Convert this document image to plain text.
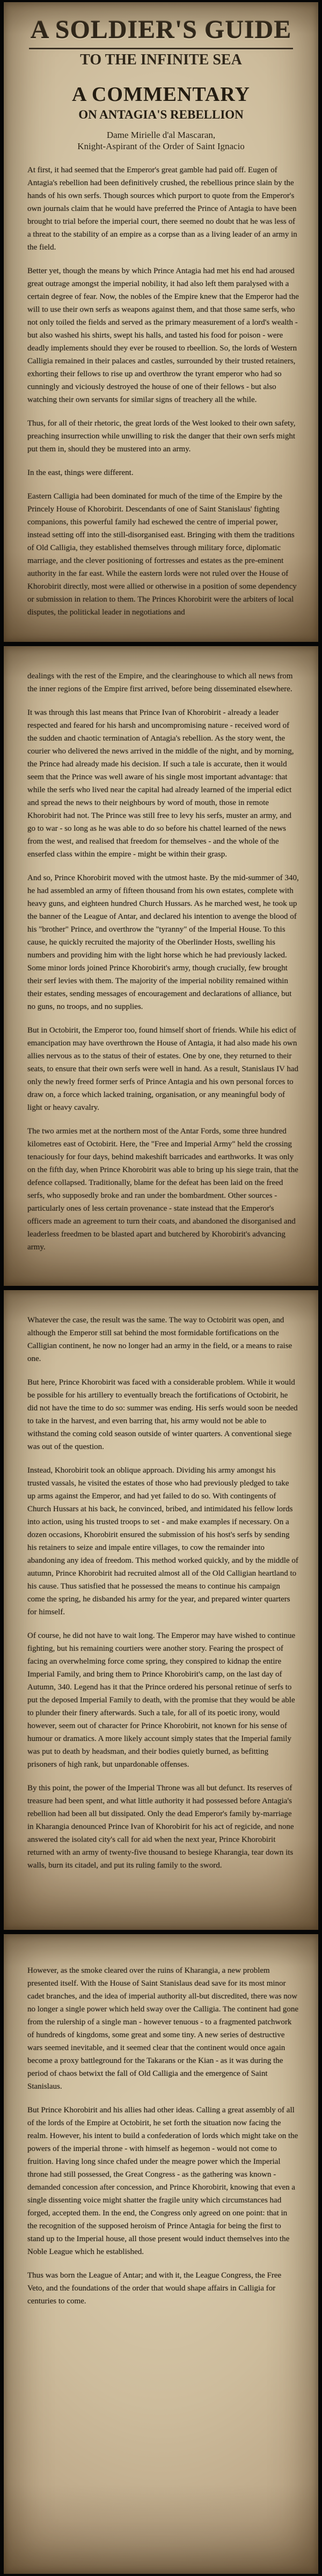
A SOLDIER'S GUIDE
TO THE INFINITE SEA
A COMMENTARY
ON ANTAGIA'S REBELLION
Dame Mirielle d'al Mascaran,
Knight-Aspirant of the Order of Saint Ignacio

At first, it had seemed that the Emperor's great gamble had paid off. Eugen of Antagia's rebellion had been definitively crushed, the rebellious prince slain by the hands of his own serfs. Though sources which purport to quote from the Emperor's own journals claim that he would have preferred the Prince of Antagia to have been brought to trial before the imperial court, there seemed no doubt that he was less of a threat to the stability of an empire as a corpse than as a living leader of an army in the field.

Better yet, though the means by which Prince Antagia had met his end had aroused great outrage amongst the imperial nobility, it had also left them paralysed with a certain degree of fear. Now, the nobles of the Empire knew that the Emperor had the will to use their own serfs as weapons against them, and that those same serfs, who not only toiled the fields and served as the primary measurement of a lord's wealth - but also washed his shirts, swept his halls, and tasted his food for poison - were deadly implements should they ever be roused to rbeellion. So, the lords of Western Calligia remained in their palaces and castles, surrounded by their trusted retainers, exhorting their fellows to rise up and overthrow the tyrant emperor who had so cunningly and viciously destroyed the house of one of their fellows - but also watching their own servants for similar signs of treachery all the while.

Thus, for all of their rhetoric, the great lords of the West looked to their own safety, preaching insurrection while unwilling to risk the danger that their own serfs might put them in, should they be mustered into an army.

In the east, things were different.

Eastern Calligia had been dominated for much of the time of the Empire by the Princely House of Khorobirit. Descendants of one of Saint Stanislaus' fighting companions, this powerful family had eschewed the centre of imperial power, instead setting off into the still-disorganised east. Bringing with them the traditions of Old Calligia, they established themselves through military force, diplomatic marriage, and the clever positioning of fortresses and estates as the pre-eminent authority in the far east. While the eastern lords were not ruled over the House of Khorobirit directly, most were allied or otherwise in a position of some dependency or submission in relation to them. The Princes Khorobirit were the arbiters of local disputes, the politickal leader in negotiations and

dealings with the rest of the Empire, and the clearinghouse to which all news from the inner regions of the Empire first arrived, before being disseminated elsewhere.

It was through this last means that Prince Ivan of Khorobirit - already a leader respected and feared for his harsh and uncompromising nature - received word of the sudden and chaotic termination of Antagia's rebellion. As the story went, the courier who delivered the news arrived in the middle of the night, and by morning, the Prince had already made his decision. If such a tale is accurate, then it would seem that the Prince was well aware of his single most important advantage: that while the serfs who lived near the capital had already learned of the imperial edict and spread the news to their neighbours by word of mouth, those in remote Khorobirit had not. The Prince was still free to levy his serfs, muster an army, and go to war - so long as he was able to do so before his chattel learned of the news from the west, and realised that freedom for themselves - and the whole of the enserfed class within the empire - might be within their grasp.

And so, Prince Khorobirit moved with the utmost haste. By the mid-summer of 340, he had assembled an army of fifteen thousand from his own estates, complete with heavy guns, and eighteen hundred Church Hussars. As he marched west, he took up the banner of the League of Antar, and declared his intention to avenge the blood of his "brother" Prince, and overthrow the "tyranny" of the Imperial House. To this cause, he quickly recruited the majority of the Oberlinder Hosts, swelling his numbers and providing him with the light horse which he had previously lacked. Some minor lords joined Prince Khorobirit's army, though crucially, few brought their serf levies with them. The majority of the imperial nobility remained within their estates, sending messages of encouragement and declarations of alliance, but no guns, no troops, and no supplies.

But in Octobirit, the Emperor too, found himself short of friends. While his edict of emancipation may have overthrown the House of Antagia, it had also made his own allies nervous as to the status of their of estates. One by one, they returned to their seats, to ensure that their own serfs were well in hand. As a result, Stanislaus IV had only the newly freed former serfs of Prince Antagia and his own personal forces to draw on, a force which lacked training, organisation, or any meaningful body of light or heavy cavalry.

The two armies met at the northern most of the Antar Fords, some three hundred kilometres east of Octobirit. Here, the "Free and Imperial Army" held the crossing tenaciously for four days, behind makeshift barricades and earthworks. It was only on the fifth day, when Prince Khorobirit was able to bring up his siege train, that the defence collapsed. Traditionally, blame for the defeat has been laid on the freed serfs, who supposedly broke and ran under the bombardment. Other sources - particularly ones of less certain provenance - state instead that the Emperor's officers made an agreement to turn their coats, and abandoned the disorganised and leaderless freedmen to be blasted apart and butchered by Khorobirit's advancing army.

Whatever the case, the result was the same. The way to Octobirit was open, and although the Emperor still sat behind the most formidable fortifications on the Calligian continent, he now no longer had an army in the field, or a means to raise one.

But here, Prince Khorobirit was faced with a considerable problem. While it would be possible for his artillery to eventually breach the fortifications of Octobirit, he did not have the time to do so: summer was ending. His serfs would soon be needed to take in the harvest, and even barring that, his army would not be able to withstand the coming cold season outside of winter quarters. A conventional siege was out of the question.

Instead, Khorobirit took an oblique approach. Dividing his army amongst his trusted vassals, he visited the estates of those who had previously pledged to take up arms against the Emperor, and had yet failed to do so. With contingents of Church Hussars at his back, he convinced, bribed, and intimidated his fellow lords into action, using his trusted troops to set - and make examples if necessary. On a dozen occasions, Khorobirit ensured the submission of his host's serfs by sending his retainers to seize and impale entire villages, to cow the remainder into abandoning any idea of freedom. This method worked quickly, and by the middle of autumn, Prince Khorobirit had recruited almost all of the Old Calligian heartland to his cause. Thus satisfied that he possessed the means to continue his campaign come the spring, he disbanded his army for the year, and prepared winter quarters for himself.

Of course, he did not have to wait long. The Emperor may have wished to continue fighting, but his remaining courtiers were another story. Fearing the prospect of facing an overwhelming force come spring, they conspired to kidnap the entire Imperial Family, and bring them to Prince Khorobirit's camp, on the last day of Autumn, 340. Legend has it that the Prince ordered his personal retinue of serfs to put the deposed Imperial Family to death, with the promise that they would be able to plunder their finery afterwards. Such a tale, for all of its poetic irony, would however, seem out of character for Prince Khorobirit, not known for his sense of humour or dramatics. A more likely account simply states that the Imperial family was put to death by headsman, and their bodies quietly burned, as befitting prisoners of high rank, but unpardonable offenses.

By this point, the power of the Imperial Throne was all but defunct. Its reserves of treasure had been spent, and what little authority it had possessed before Antagia's rebellion had been all but dissipated. Only the dead Emperor's family by-marriage in Kharangia denounced Prince Ivan of Khorobirit for his act of regicide, and none answered the isolated city's call for aid when the next year, Prince Khorobirit returned with an army of twenty-five thousand to besiege Kharangia, tear down its walls, burn its citadel, and put its ruling family to the sword.

However, as the smoke cleared over the ruins of Kharangia, a new problem presented itself. With the House of Saint Stanislaus dead save for its most minor cadet branches, and the idea of imperial authority all-but discredited, there was now no longer a single power which held sway over the Calligia. The continent had gone from the rulership of a single man - however tenuous - to a fragmented patchwork of hundreds of kingdoms, some great and some tiny. A new series of destructive wars seemed inevitable, and it seemed clear that the continent would once again become a proxy battleground for the Takarans or the Kian - as it was during the period of chaos betwixt the fall of Old Calligia and the emergence of Saint Stanislaus.

But Prince Khorobirit and his allies had other ideas. Calling a great assembly of all of the lords of the Empire at Octobirit, he set forth the situation now facing the realm. However, his intent to build a confederation of lords which might take on the powers of the imperial throne - with himself as hegemon - would not come to fruition. Having long since chafed under the meagre power which the Imperial throne had still possessed, the Great Congress - as the gathering was known - demanded concession after concession, and Prince Khorobirit, knowing that even a single dissenting voice might shatter the fragile unity which circumstances had forged, accepted them. In the end, the Congress only agreed on one point: that in the recognition of the supposed heroism of Prince Antagia for being the first to stand up to the Imperial house, all those present would induct themselves into the Noble League which he established.

Thus was born the League of Antar; and with it, the League Congress, the Free Veto, and the foundations of the order that would shape affairs in Calligia for centuries to come.
